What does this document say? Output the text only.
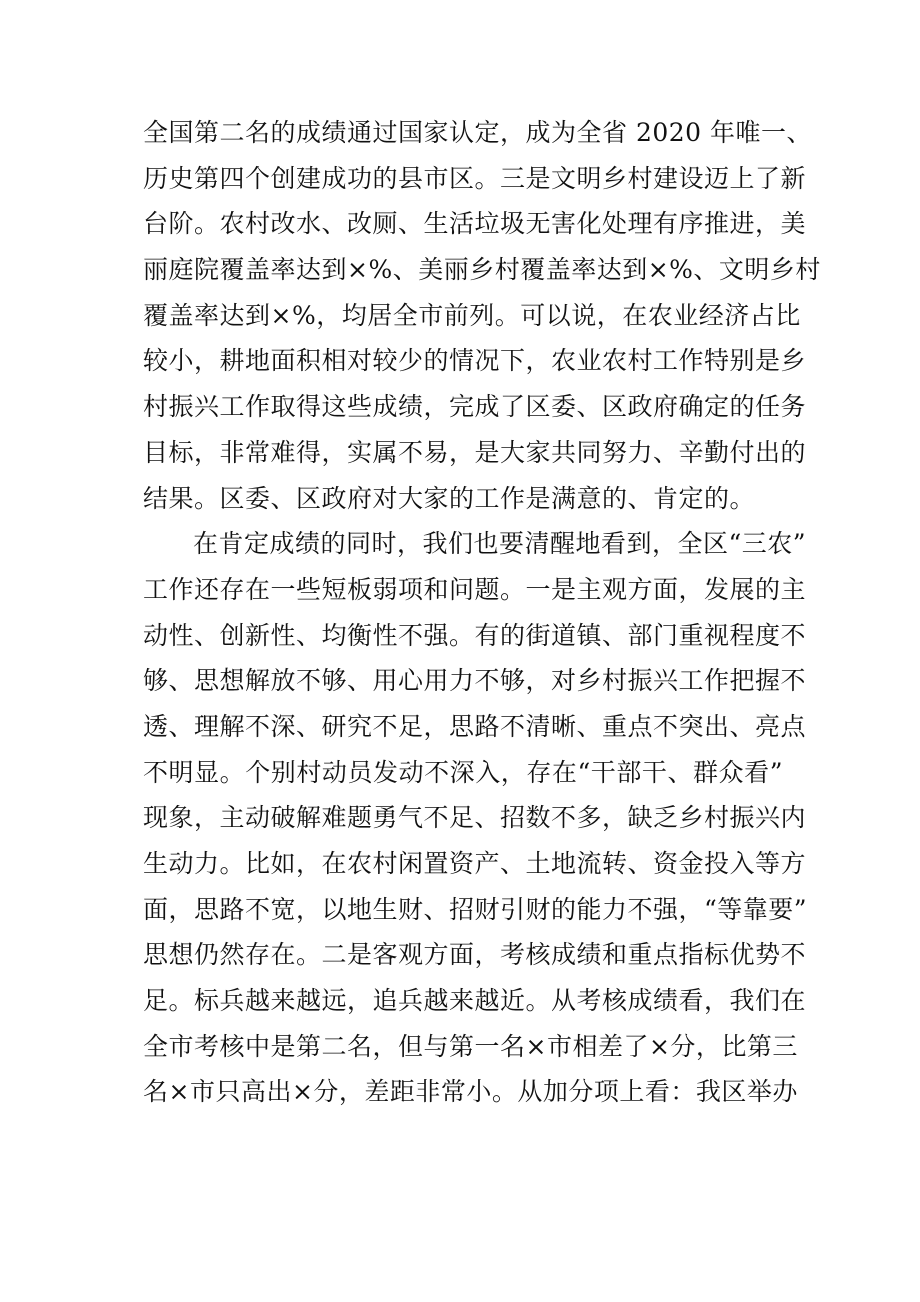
全国第二名的成绩通过国家认定，成为全省 2020 年唯一、
历史第四个创建成功的县市区。三是文明乡村建设迈上了新
台阶。农村改水、改厕、生活垃圾无害化处理有序推进，美
丽庭院覆盖率达到×%、美丽乡村覆盖率达到×%、文明乡村
覆盖率达到×%，均居全市前列。可以说，在农业经济占比
较小，耕地面积相对较少的情况下，农业农村工作特别是乡
村振兴工作取得这些成绩，完成了区委、区政府确定的任务
目标，非常难得，实属不易，是大家共同努力、辛勤付出的
结果。区委、区政府对大家的工作是满意的、肯定的。
在肯定成绩的同时，我们也要清醒地看到，全区“三农”
工作还存在一些短板弱项和问题。一是主观方面，发展的主
动性、创新性、均衡性不强。有的街道镇、部门重视程度不
够、思想解放不够、用心用力不够，对乡村振兴工作把握不
透、理解不深、研究不足，思路不清晰、重点不突出、亮点
不明显。个别村动员发动不深入，存在“干部干、群众看”
现象，主动破解难题勇气不足、招数不多，缺乏乡村振兴内
生动力。比如，在农村闲置资产、土地流转、资金投入等方
面，思路不宽，以地生财、招财引财的能力不强，“等靠要”
思想仍然存在。二是客观方面，考核成绩和重点指标优势不
足。标兵越来越远，追兵越来越近。从考核成绩看，我们在
全市考核中是第二名，但与第一名×市相差了×分，比第三
名×市只高出×分，差距非常小。从加分项上看：我区举办
